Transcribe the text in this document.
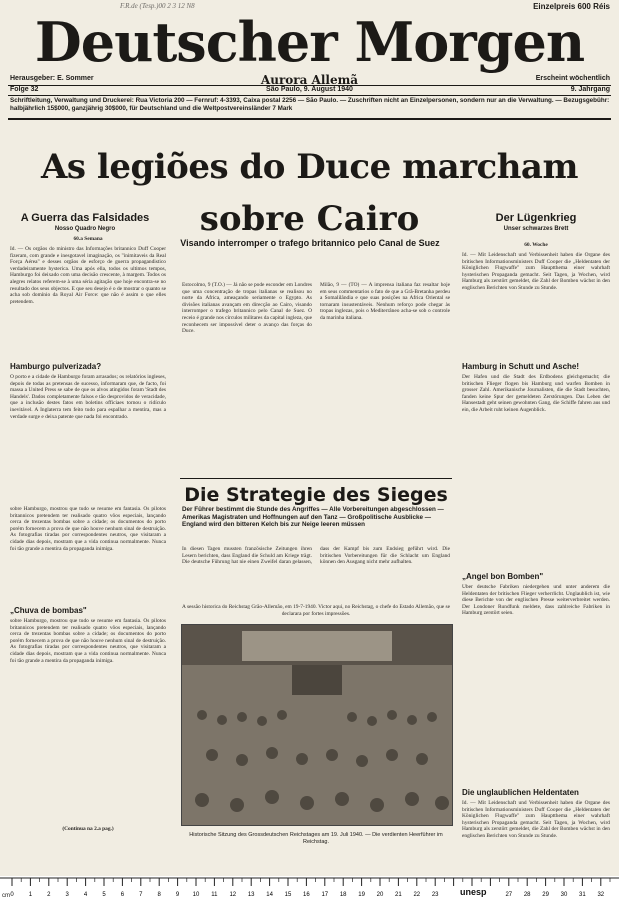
F.R.de (Tesp.)00 2 3 12 N8	Einzelpreis 600 Réis
Deutscher Morgen
Herausgeber: E. Sommer	Aurora Allemã	Erscheint wöchentlich
Folge 32	São Paulo, 9. August 1940	9. Jahrgang
Schriftleitung, Verwaltung und Druckerei: Rua Victoria 200 — Fernruf: 4-3393, Caixa postal 2256 — São Paulo. — Zuschriften nicht an Einzelpersonen, sondern nur an die Verwaltung. — Bezugsgebühr: halbjährlich 15$000, ganzjährig 30$000, für Deutschland und die Weltpostvereinsländer 7 Mark
As legiões do Duce marcham
sobre Cairo
Visando interromper o trafego britannico pelo Canal de Suez
A Guerra das Falsidades
Nosso Quadro Negro
Der Lügenkrieg
Unser schwarzes Brett
60.a Semana
Id. — Os orgãos do ministro das Informações britannico Duff Cooper fizeram, com grande e inesgotavel imaginação, os "inimitaveis da Real Força Aérea" e desses orgãos de esforço de guerra propagandistico verdadeiramente hysterica. Uma após ella, todos os ultimos tempos, Hamburgo foi deixado com uma decisão crescente, à margem. Todos os alegres relatos referem-se à uma séria agitação que hoje encontra-se no resultado dos seus objectos. E que seu desejo é o de mostrar o quanto se acha sob domínio da Royal Air Force: que não é assim o que elles pretendem.
Hamburgo pulverizada?
O porto e a cidade de Hamburgo foram arrasados; os relatórios ingleses, depois de todas as pretensas de sucesso, informaram que, de facto, foi massa a United Press se sabe de que os alvos atingidos foram 'Stadt des Handels'. Dados completamente falsos e tão desprovidos de veracidade, que a inclusão destes fatos em boletins officiaes tornou o ridículo inevitável. A Inglaterra tem feito tudo para espalhar a mentira, mas a verdade surge e deixa patente que nada foi encontrado.
sobre Hamburgo, mostrou que tudo se resume em fantasia. Os pilotos britannicos pretendem ter realisado quatro vôos especiais, lançando cerca de trezentas bombas sobre a cidade; os documentos do porto porém fornecem a prova de que não houve nenhum sinal de destruição. As fotografias tiradas por correspondentes neutros, que visitaram a cidade dias depois, mostram que a vida continua normalmente. Nunca foi tão grande a mentira da propaganda inimiga.
„Chuva de bombas"
sobre Hamburgo, mostrou que tudo se resume em fantasia. Os pilotos britannicos pretendem ter realisado quatro vôos especiais, lançando cerca de trezentas bombas sobre a cidade; os documentos do porto porém fornecem a prova de que não houve nenhum sinal de destruição. As fotografias tiradas por correspondentes neutros, que visitaram a cidade dias depois, mostram que a vida continua normalmente. Nunca foi tão grande a mentira da propaganda inimiga.
(Continua na 2.a pag.)
Estocolmo, 9 (T.O.) — Já não se pode esconder em Londres que uma concentração de tropas italianas se realisou no norte da Africa, ameaçando seriamente o Egypto. As divisões italianas avançam em direcção ao Cairo, visando interromper o trafego britannico pelo Canal de Suez. O receio é grande nos círculos militares da capital ingleza, que reconhecem ser impossível deter o avanço das forças do Duce.
Milão, 9 — (TO) — A imprensa italiana faz resaltar hoje em seus commentarios o fato de que a Grã-Bretanha perdeu a Somalilândia e que suas posições na Africa Oriental se tornaram insustentáveis. Nenhum reforço pode chegar às tropas inglezas, pois o Mediterrâneo acha-se sob o controle da marinha italiana.
Die Strategie des Sieges
Der Führer bestimmt die Stunde des Angriffes — Alle Vorbereitungen abgeschlossen — Amerikas Magistraten und Hoffnungen auf den Tanz — Großpolitische Ausblicke — England wird den bitteren Kelch bis zur Neige leeren müssen
In diesen Tagen mussten französische Zeitungen ihren Lesern berichten, dass England die Schuld am Kriege trägt. Die deutsche Führung hat nie einen Zweifel daran gelassen, dass der Kampf bis zum Endsieg geführt wird. Die britischen Vorbereitungen für die Schlacht um England können den Ausgang nicht mehr aufhalten.
A sessão historica do Reichstag Grão-Allemão, em 19-7-1940. Victor aqui, no Reichstag, o chefe do Estado Allemão, que se declarara por fortes impressões.
Historische Sitzung des Grossdeutschen Reichstages am 19. Juli 1940. — Die verdienten Heerführer im Reichstag.
60. Woche
Id. — Mit Leidenschaft und Verbissenheit haben die Organe des britischen Informationsministers Duff Cooper die „Heldentaten der Königlichen Flugwaffe" zum Hauptthema einer wahrhaft hysterischen Propaganda gemacht. Seit Tagen, ja Wochen, wird Hamburg als zerstört gemeldet, die Zahl der Bomben wächst in den englischen Berichten von Stunde zu Stunde.
Hamburg in Schutt und Asche!
Der Hafen und die Stadt des Erdbodens gleichgemacht; die britischen Flieger flogen bis Hamburg und warfen Bomben in grosser Zahl. Amerikanische Journalisten, die die Stadt besuchten, fanden keine Spur der gemeldeten Zerstörungen. Das Leben der Hansestadt geht seinen gewohnten Gang, die Schiffe fahren aus und ein, die Arbeit ruht keinen Augenblick.
„Angel bon Bomben"
Über deutsche Fabriken niedergehen und unter anderem die Heldentaten der britischen Flieger verherrlicht. Unglaublich ist, wie diese Berichte von der englischen Presse weiterverbreitet werden. Der Londoner Rundfunk meldete, dass zahlreiche Fabriken in Hamburg zerstört seien.
Die unglaublichen Heldentaten
Id. — Mit Leidenschaft und Verbissenheit haben die Organe des britischen Informationsministers Duff Cooper die „Heldentaten der Königlichen Flugwaffe" zum Hauptthema einer wahrhaft hysterischen Propaganda gemacht. Seit Tagen, ja Wochen, wird Hamburg als zerstört gemeldet, die Zahl der Bomben wächst in den englischen Berichten von Stunde zu Stunde.
0	1	2	3	4	5	6	7	8	9 10 11 12 13 14 15 16 17 18 19 20 21 22 23	27 28 29 30 31 32
cm	unesp
